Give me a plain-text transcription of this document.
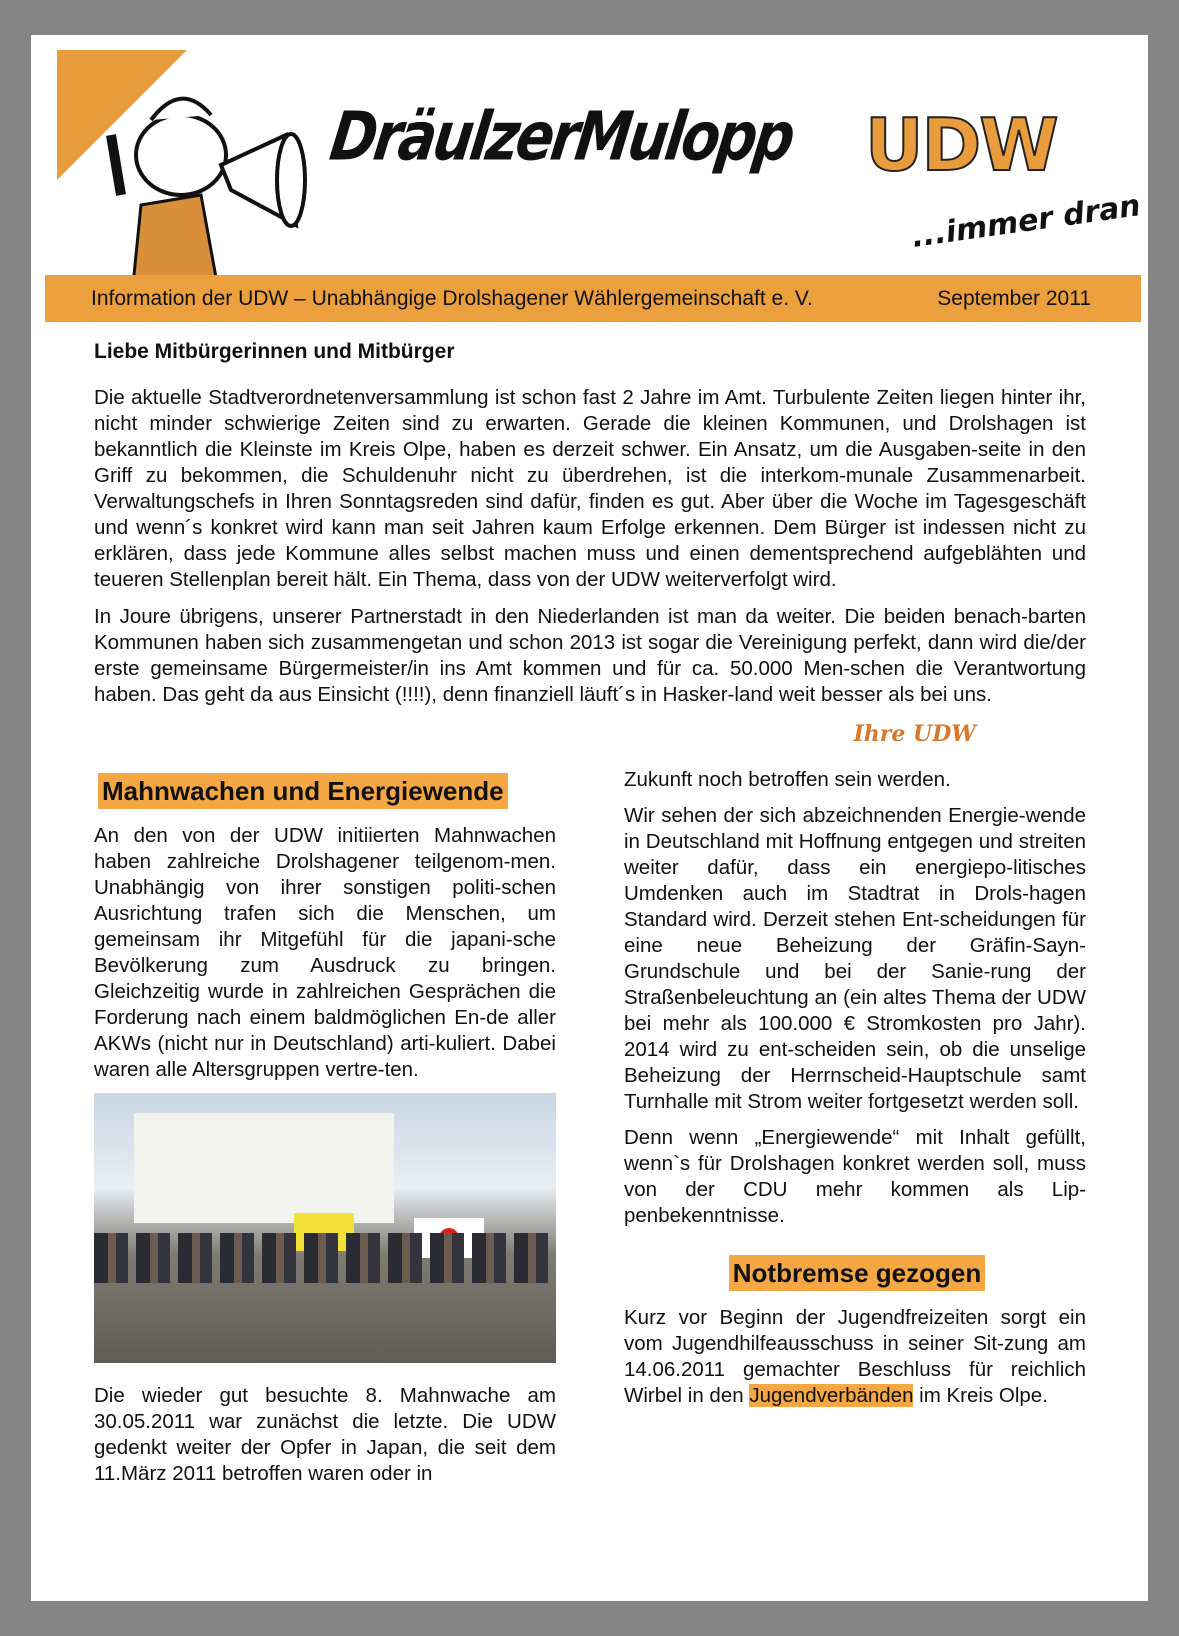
DräulzerMulopp UDW
...immer dran
Information der UDW – Unabhängige Drolshagener Wählergemeinschaft e. V.	September 2011
Liebe Mitbürgerinnen und Mitbürger

Die aktuelle Stadtverordnetenversammlung ist schon fast 2 Jahre im Amt. Turbulente Zeiten liegen hinter ihr, nicht minder schwierige Zeiten sind zu erwarten. Gerade die kleinen Kommunen, und Drolshagen ist bekanntlich die Kleinste im Kreis Olpe, haben es derzeit schwer. Ein Ansatz, um die Ausgaben-seite in den Griff zu bekommen, die Schuldenuhr nicht zu überdrehen, ist die interkom-munale Zusammenarbeit. Verwaltungschefs in Ihren Sonntagsreden sind dafür, finden es gut. Aber über die Woche im Tagesgeschäft und wenn´s konkret wird kann man seit Jahren kaum Erfolge erkennen. Dem Bürger ist indessen nicht zu erklären, dass jede Kommune alles selbst machen muss und einen dementsprechend aufgeblähten und teueren Stellenplan bereit hält. Ein Thema, dass von der UDW weiterverfolgt wird.

In Joure übrigens, unserer Partnerstadt in den Niederlanden ist man da weiter. Die beiden benach-barten Kommunen haben sich zusammengetan und schon 2013 ist sogar die Vereinigung perfekt, dann wird die/der erste gemeinsame Bürgermeister/in ins Amt kommen und für ca. 50.000 Men-schen die Verantwortung haben. Das geht da aus Einsicht (!!!!), denn finanziell läuft´s in Hasker-land weit besser als bei uns.

Ihre UDW
Mahnwachen und Energiewende

An den von der UDW initiierten Mahnwachen haben zahlreiche Drolshagener teilgenom-men. Unabhängig von ihrer sonstigen politi-schen Ausrichtung trafen sich die Menschen, um gemeinsam ihr Mitgefühl für die japani-sche Bevölkerung zum Ausdruck zu bringen. Gleichzeitig wurde in zahlreichen Gesprächen die Forderung nach einem baldmöglichen En-de aller AKWs (nicht nur in Deutschland) arti-kuliert. Dabei waren alle Altersgruppen vertre-ten.

Die wieder gut besuchte 8. Mahnwache am 30.05.2011 war zunächst die letzte. Die UDW gedenkt weiter der Opfer in Japan, die seit dem 11.März 2011 betroffen waren oder in

Zukunft noch betroffen sein werden.

Wir sehen der sich abzeichnenden Energie-wende in Deutschland mit Hoffnung entgegen und streiten weiter dafür, dass ein energiepo-litisches Umdenken auch im Stadtrat in Drols-hagen Standard wird. Derzeit stehen Ent-scheidungen für eine neue Beheizung der Gräfin-Sayn-Grundschule und bei der Sanie-rung der Straßenbeleuchtung an (ein altes Thema der UDW bei mehr als 100.000 € Stromkosten pro Jahr). 2014 wird zu ent-scheiden sein, ob die unselige Beheizung der Herrnscheid-Hauptschule samt Turnhalle mit Strom weiter fortgesetzt werden soll.

Denn wenn „Energiewende“ mit Inhalt gefüllt, wenn`s für Drolshagen konkret werden soll, muss von der CDU mehr kommen als Lip-penbekenntnisse.

Notbremse gezogen

Kurz vor Beginn der Jugendfreizeiten sorgt ein vom Jugendhilfeausschuss in seiner Sit-zung am 14.06.2011 gemachter Beschluss für reichlich Wirbel in den Jugendverbänden im Kreis Olpe.
